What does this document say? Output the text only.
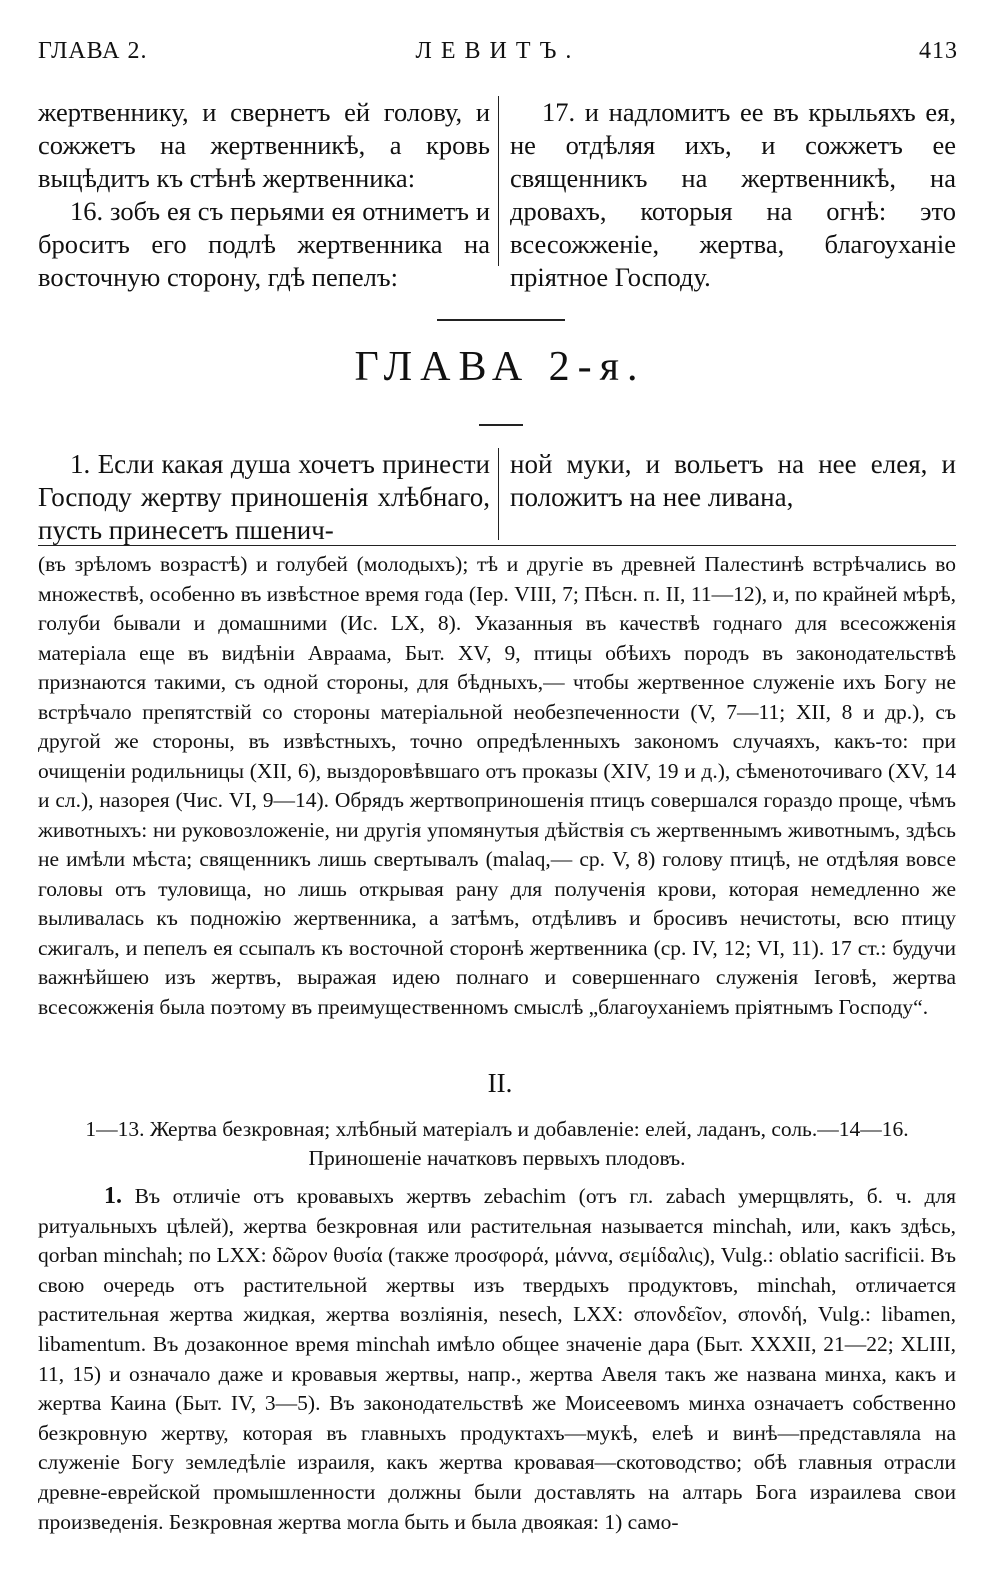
ГЛАВА 2.	ЛЕВИТЪ.	413

жертвеннику, и свернетъ ей голову, и сожжетъ на жертвенникѣ, а кровь выцѣдитъ къ стѣнѣ жертвенника:

16. зобъ ея съ перьями ея отниметъ и броситъ его подлѣ жертвенника на восточную сторону, гдѣ пепелъ:

17. и надломитъ ее въ крыльяхъ ея, не отдѣляя ихъ, и сожжетъ ее священникъ на жертвенникѣ, на дровахъ, которыя на огнѣ: это всесожженіе, жертва, благоуханіе пріятное Господу.

ГЛАВА 2-я.

1. Если какая душа хочетъ принести Господу жертву приношенія хлѣбнаго, пусть принесетъ пшенич-

ной муки, и вольетъ на нее елея, и положитъ на нее ливана,

(въ зрѣломъ возрастѣ) и голубей (молодыхъ); тѣ и другіе въ древней Палестинѣ встрѣчались во множествѣ, особенно въ извѣстное время года (Іер. VIII, 7; Пѣсн. п. II, 11—12), и, по крайней мѣрѣ, голуби бывали и домашними (Ис. LX, 8). Указанныя въ качествѣ годнаго для всесожженія матеріала еще въ видѣніи Авраама, Быт. XV, 9, птицы обѣихъ породъ въ законодательствѣ признаются такими, съ одной стороны, для бѣдныхъ,— чтобы жертвенное служеніе ихъ Богу не встрѣчало препятствій со стороны матеріальной необезпеченности (V, 7—11; XII, 8 и др.), съ другой же стороны, въ извѣстныхъ, точно опредѣленныхъ закономъ случаяхъ, какъ-то: при очищеніи родильницы (XII, 6), выздоровѣвшаго отъ проказы (XIV, 19 и д.), сѣменоточиваго (XV, 14 и сл.), назорея (Чис. VI, 9—14). Обрядъ жертвоприношенія птицъ совершался гораздо проще, чѣмъ животныхъ: ни руковозложеніе, ни другія упомянутыя дѣйствія съ жертвеннымъ животнымъ, здѣсь не имѣли мѣста; священникъ лишь свертывалъ (malaq,— ср. V, 8) голову птицѣ, не отдѣляя вовсе головы отъ туловища, но лишь открывая рану для полученія крови, которая немедленно же выливалась къ подножію жертвенника, а затѣмъ, отдѣливъ и бросивъ нечистоты, всю птицу сжигалъ, и пепелъ ея ссыпалъ къ восточной сторонѣ жертвенника (ср. IV, 12; VI, 11). 17 ст.: будучи важнѣйшею изъ жертвъ, выражая идею полнаго и совершеннаго служенія Іеговѣ, жертва всесожженія была поэтому въ преимущественномъ смыслѣ „благоуханіемъ пріятнымъ Господу“.

II.
1—13. Жертва безкровная; хлѣбный матеріалъ и добавленіе: елей, ладанъ, соль.—14—16. Приношеніе начатковъ первыхъ плодовъ.

1. Въ отличіе отъ кровавыхъ жертвъ zebachim (отъ гл. zabach умерщвлять, б. ч. для ритуальныхъ цѣлей), жертва безкровная или растительная называется minchah, или, какъ здѣсь, qorban minchah; по LXX: δῶρον θυσία (также προσφορά, μάννα, σεμίδαλις), Vulg.: oblatio sacrificii. Въ свою очередь отъ растительной жертвы изъ твердыхъ продуктовъ, minchah, отличается растительная жертва жидкая, жертва возліянія, nesech, LXX: σπονδεῖον, σπονδή, Vulg.: libamen, libamentum. Въ дозаконное время minchah имѣло общее значеніе дара (Быт. XXXII, 21—22; XLIII, 11, 15) и означало даже и кровавыя жертвы, напр., жертва Авеля такъ же названа минха, какъ и жертва Каина (Быт. IV, 3—5). Въ законодательствѣ же Моисеевомъ минха означаетъ собственно безкровную жертву, которая въ главныхъ продуктахъ—мукѣ, елеѣ и винѣ—представляла на служеніе Богу земледѣліе израиля, какъ жертва кровавая—скотоводство; обѣ главныя отрасли древне-еврейской промышленности должны были доставлять на алтарь Бога израилева свои произведенія. Безкровная жертва могла быть и была двоякая: 1) само-
